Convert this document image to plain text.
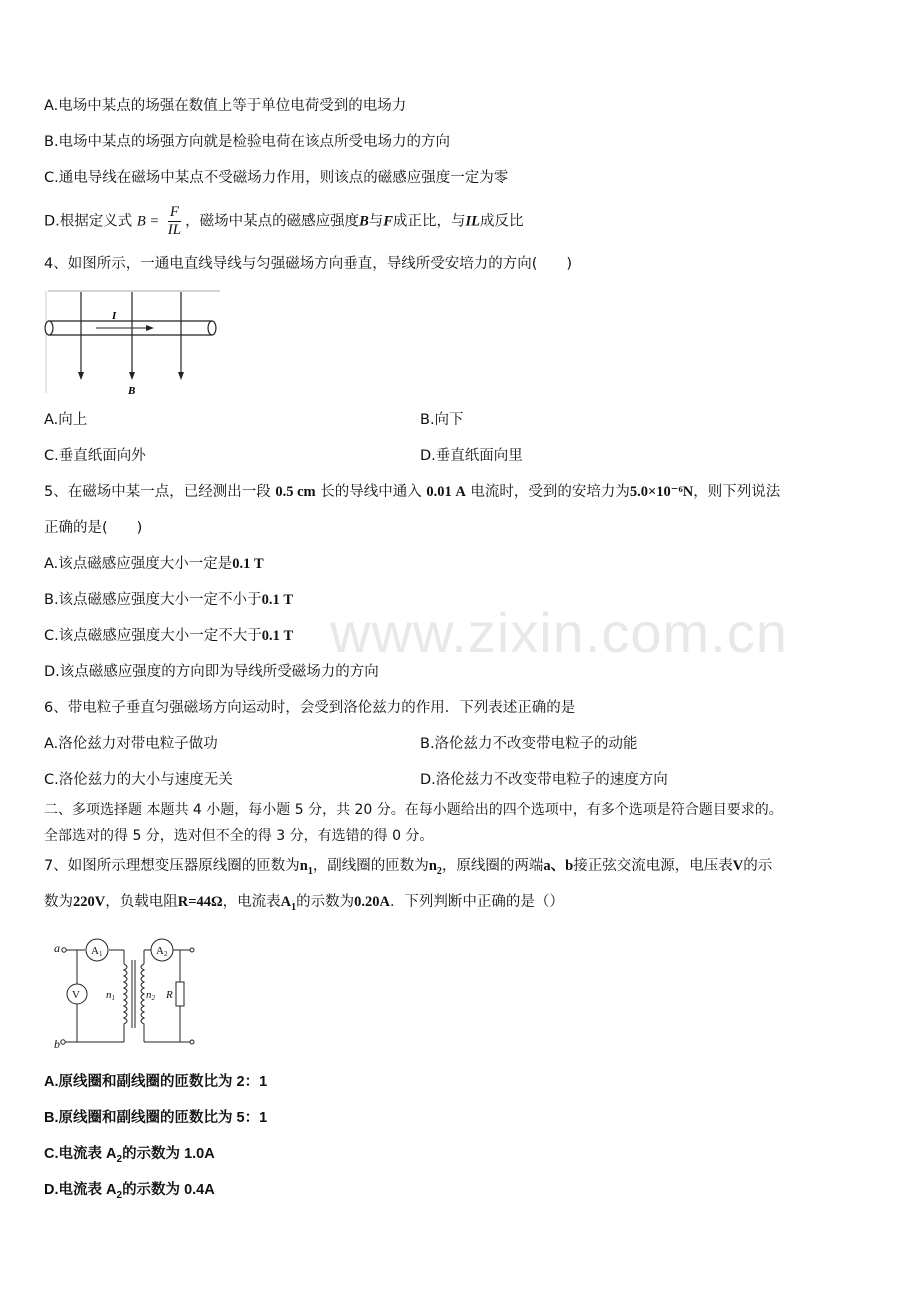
www.zixin.com.cn
A.电场中某点的场强在数值上等于单位电荷受到的电场力
B.电场中某点的场强方向就是检验电荷在该点所受电场力的方向
C.通电导线在磁场中某点不受磁场力作用，则该点的磁感应强度一定为零
D.根据定义式 $B = \frac{F}{IL}$ ，磁场中某点的磁感应强度B与F成正比，与IL成反比
4、如图所示，一通电直线导线与匀强磁场方向垂直，导线所受安培力的方向(　　)
I
B
A.向上	B.向下
C.垂直纸面向外	D.垂直纸面向里
5、在磁场中某一点，已经测出一段 0.5 cm 长的导线中通入 0.01 A 电流时，受到的安培力为5.0×10⁻⁶N，则下列说法
正确的是(　　)
A.该点磁感应强度大小一定是0.1 T
B.该点磁感应强度大小一定不小于0.1 T
C.该点磁感应强度大小一定不大于0.1 T
D.该点磁感应强度的方向即为导线所受磁场力的方向
6、带电粒子垂直匀强磁场方向运动时，会受到洛伦兹力的作用．下列表述正确的是
A.洛伦兹力对带电粒子做功	B.洛伦兹力不改变带电粒子的动能
C.洛伦兹力的大小与速度无关	D.洛伦兹力不改变带电粒子的速度方向
二、多项选择题 本题共 4 小题，每小题 5 分，共 20 分。在每小题给出的四个选项中，有多个选项是符合题目要求的。
全部选对的得 5 分，选对但不全的得 3 分，有选错的得 0 分。
7、如图所示理想变压器原线圈的匝数为$n_1$，副线圈的匝数为$n_2$，原线圈的两端a、b接正弦交流电源，电压表V的示
数为220V，负载电阻R=44Ω，电流表$A_1$的示数为0.20A．下列判断中正确的是（）
a
b
A1	A2
V n1	n2 R
A.原线圈和副线圈的匝数比为 2：1
B.原线圈和副线圈的匝数比为 5：1
C.电流表 $A_2$的示数为 1.0A
D.电流表 $A_2$的示数为 0.4A
